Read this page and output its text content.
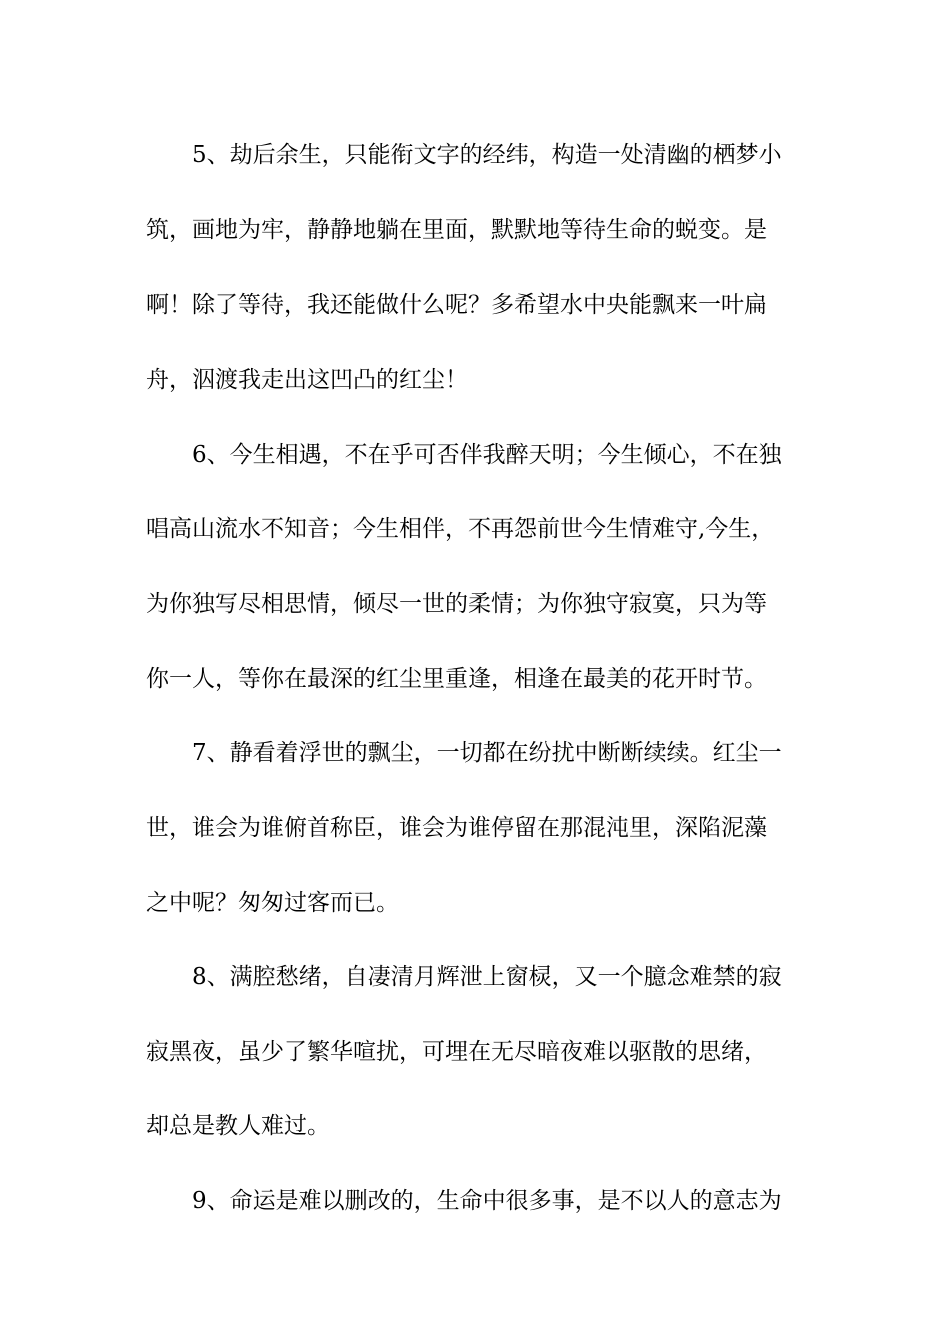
5、劫后余生，只能衔文字的经纬，构造一处清幽的栖梦小
筑，画地为牢，静静地躺在里面，默默地等待生命的蜕变。是
啊！除了等待，我还能做什么呢？多希望水中央能飘来一叶扁
舟，泅渡我走出这凹凸的红尘！
6、今生相遇，不在乎可否伴我醉天明；今生倾心，不在独
唱高山流水不知音；今生相伴，不再怨前世今生情难守,今生，
为你独写尽相思情，倾尽一世的柔情；为你独守寂寞，只为等
你一人，等你在最深的红尘里重逢，相逢在最美的花开时节。
7、静看着浮世的飘尘，一切都在纷扰中断断续续。红尘一
世，谁会为谁俯首称臣，谁会为谁停留在那混沌里，深陷泥藻
之中呢？匆匆过客而已。
8、满腔愁绪，自凄清月辉泄上窗棂，又一个臆念难禁的寂
寂黑夜，虽少了繁华喧扰，可埋在无尽暗夜难以驱散的思绪，
却总是教人难过。
9、命运是难以删改的，生命中很多事，是不以人的意志为
